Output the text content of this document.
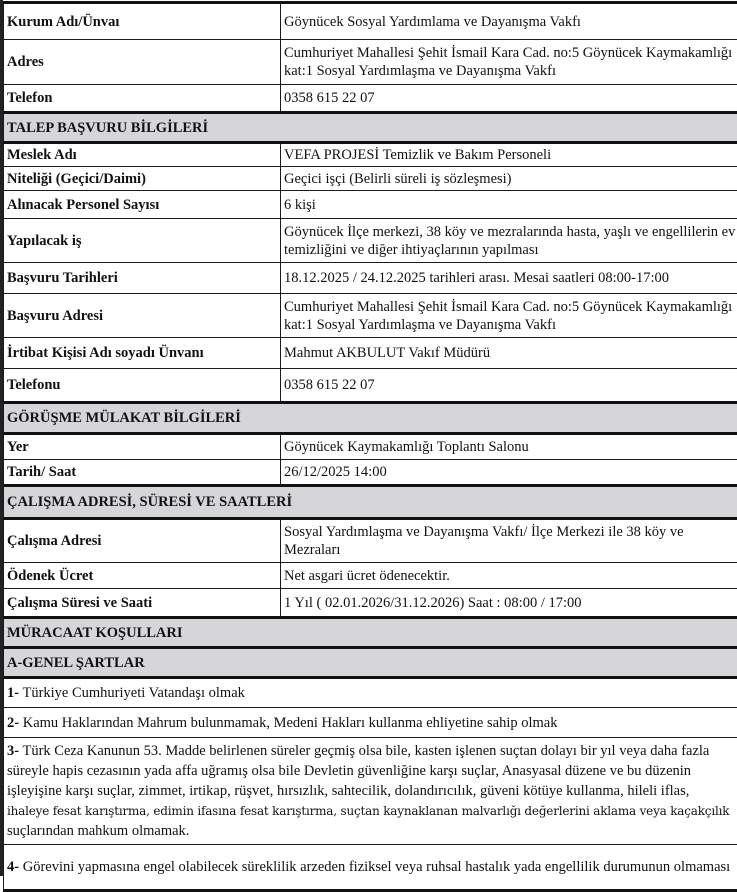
Kurum Adı/Ünvaı	Göynücek Sosyal Yardımlama ve Dayanışma Vakfı
Adres	Cumhuriyet Mahallesi Şehit İsmail Kara Cad. no:5 Göynücek Kaymakamlığı kat:1 Sosyal Yardımlaşma ve Dayanışma Vakfı
Telefon	0358 615 22 07
TALEP BAŞVURU BİLGİLERİ	
Meslek Adı	VEFA PROJESİ Temizlik ve Bakım Personeli
Niteliği (Geçici/Daimi)	Geçici işçi (Belirli süreli iş sözleşmesi)
Alınacak Personel Sayısı	6 kişi
Yapılacak iş	Göynücek İlçe merkezi, 38 köy ve mezralarında hasta, yaşlı ve engellilerin ev temizliğini ve diğer ihtiyaçlarının yapılması
Başvuru Tarihleri	18.12.2025 / 24.12.2025 tarihleri arası. Mesai saatleri 08:00-17:00
Başvuru Adresi	Cumhuriyet Mahallesi Şehit İsmail Kara Cad. no:5 Göynücek Kaymakamlığı kat:1 Sosyal Yardımlaşma ve Dayanışma Vakfı
İrtibat Kişisi Adı soyadı Ünvanı	Mahmut AKBULUT Vakıf Müdürü
Telefonu	0358 615 22 07
GÖRÜŞME MÜLAKAT BİLGİLERİ	
Yer	Göynücek Kaymakamlığı Toplantı Salonu
Tarih/ Saat	26/12/2025 14:00
ÇALIŞMA ADRESİ, SÜRESİ VE SAATLERİ	
Çalışma Adresi	Sosyal Yardımlaşma ve Dayanışma Vakfı/ İlçe Merkezi ile 38 köy ve Mezraları
Ödenek Ücret	Net asgari ücret ödenecektir.
Çalışma Süresi ve Saati	1 Yıl ( 02.01.2026/31.12.2026) Saat : 08:00 / 17:00
MÜRACAAT KOŞULLARI	
A-GENEL ŞARTLAR	
1- Türkiye Cumhuriyeti Vatandaşı olmak	
2- Kamu Haklarından Mahrum bulunmamak, Medeni Hakları kullanma ehliyetine sahip olmak	
3- Türk Ceza Kanunun 53. Madde belirlenen süreler geçmiş olsa bile, kasten işlenen suçtan dolayı bir yıl veya daha fazla süreyle hapis cezasının yada affa uğramış olsa bile Devletin güvenliğine karşı suçlar, Anasyasal düzene ve bu düzenin işleyişine karşı suçlar, zimmet, irtikap, rüşvet, hırsızlık, sahtecilik, dolandırıcılık, güveni kötüye kullanma, hileli iflas,
ihaleye fesat karıştırma, edimin ifasına fesat karıştırma, suçtan kaynaklanan malvarlığı değerlerini aklama veya kaçakçılık
suçlarından mahkum olmamak.	
4- Görevini yapmasına engel olabilecek süreklilik arzeden fiziksel veya ruhsal hastalık yada engellilik durumunun olmaması	
